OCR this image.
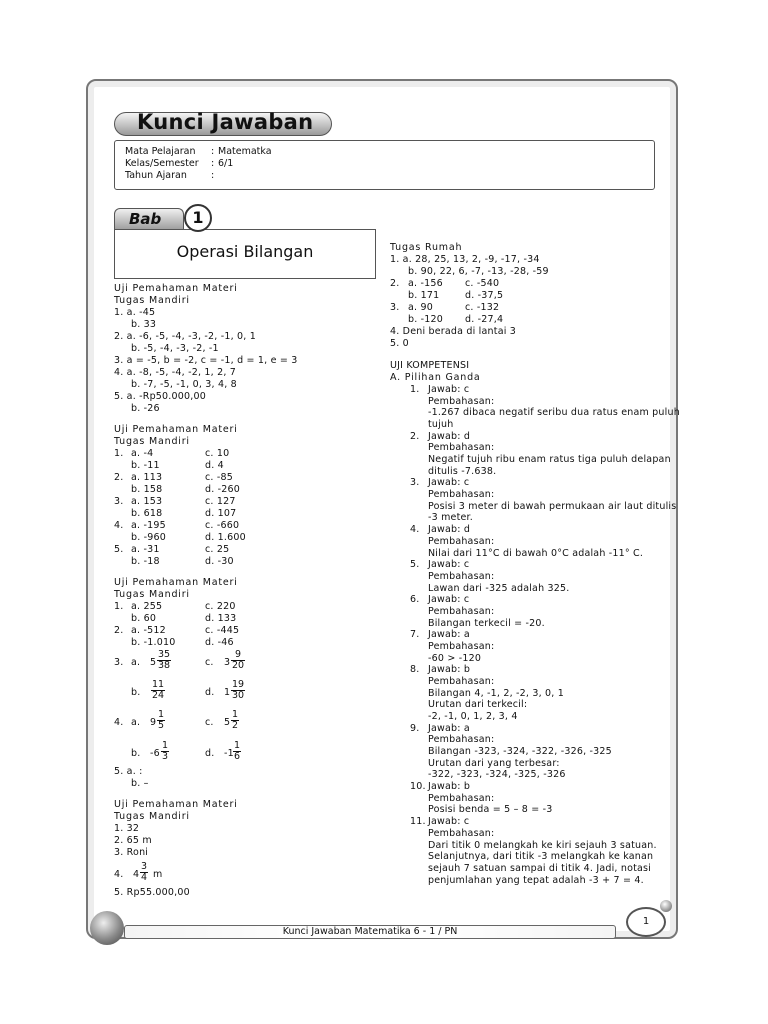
Kunci Jawaban
Mata Pelajaran	: Matematka
Kelas/Semester	: 6/1
Tahun Ajaran	:
Bab	1
Operasi Bilangan
Uji Pemahaman Materi
Tugas Mandiri
1. a. -45
b. 33
2. a. -6, -5, -4, -3, -2, -1, 0, 1
b. -5, -4, -3, -2, -1
3. a = -5, b = -2, c = -1, d = 1, e = 3
4. a. -8, -5, -4, -2, 1, 2, 7
b. -7, -5, -1, 0, 3, 4, 8
5. a. -Rp50.000,00
b. -26
Uji Pemahaman Materi
Tugas Mandiri
1. a. -4	c. 10
b. -11	d. 4
2. a. 113	c. -85
b. 158	d. -260
3. a. 153	c. 127
b. 618	d. 107
4. a. -195	c. -660
b. -960	d. 1.600
5. a. -31	c. 25
b. -18	d. -30
Uji Pemahaman Materi
Tugas Mandiri
1. a. 255	c. 220
b. 60	d. 133
2. a. -512	c. -445
b. -1.010	d. -46
3. a. $5 \frac{35}{38}$	c. $3 \frac{9}{20}$
b. $\frac{11}{24}$	d. $1 \frac{19}{30}$
4. a. $9 \frac{1}{5}$	c. $5 \frac{1}{2}$
b. $-6 \frac{1}{3}$	d. $-1 \frac{1}{6}$
5. a. :
b. –
Uji Pemahaman Materi
Tugas Mandiri
1. 32
2. 65 m
3. Roni
4. $4 \frac{3}{4}$ m
5. Rp55.000,00
Tugas Rumah
1. a. 28, 25, 13, 2, -9, -17, -34
b. 90, 22, 6, -7, -13, -28, -59
2. a. -156 c. -540
b. 171	d. -37,5
3. a. 90	c. -132
b. -120 d. -27,4
4. Deni berada di lantai 3
5. 0
UJI KOMPETENSI
A. Pilihan Ganda
1. Jawab: c
Pembahasan:
-1.267 dibaca negatif seribu dua ratus enam puluh
tujuh
2. Jawab: d
Pembahasan:
Negatif tujuh ribu enam ratus tiga puluh delapan
ditulis -7.638.
3. Jawab: c
Pembahasan:
Posisi 3 meter di bawah permukaan air laut ditulis
-3 meter.
4. Jawab: d
Pembahasan:
Nilai dari 11°C di bawah 0°C adalah -11° C.
5. Jawab: c
Pembahasan:
Lawan dari -325 adalah 325.
6. Jawab: c
Pembahasan:
Bilangan terkecil = -20.
7. Jawab: a
Pembahasan:
-60 > -120
8. Jawab: b
Pembahasan:
Bilangan 4, -1, 2, -2, 3, 0, 1
Urutan dari terkecil:
-2, -1, 0, 1, 2, 3, 4
9. Jawab: a
Pembahasan:
Bilangan -323, -324, -322, -326, -325
Urutan dari yang terbesar:
-322, -323, -324, -325, -326
10. Jawab: b
Pembahasan:
Posisi benda = 5 – 8 = -3
11. Jawab: c
Pembahasan:
Dari titik 0 melangkah ke kiri sejauh 3 satuan.
Selanjutnya, dari titik -3 melangkah ke kanan
sejauh 7 satuan sampai di titik 4. Jadi, notasi
penjumlahan yang tepat adalah -3 + 7 = 4.
Kunci Jawaban Matematika 6 - 1 / PN
1
